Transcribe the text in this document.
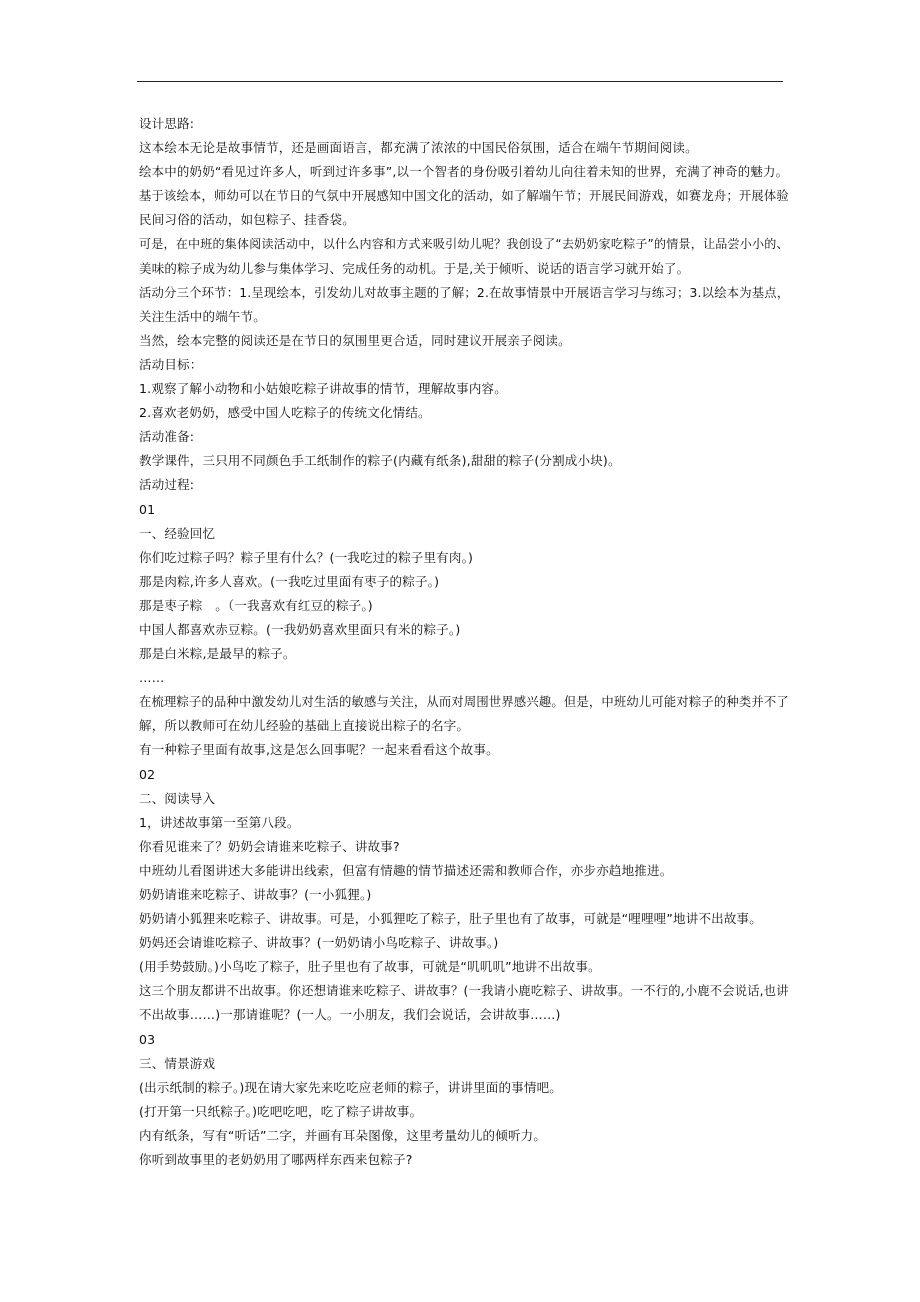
设计思路:
这本绘本无论是故事情节，还是画面语言，都充满了浓浓的中国民俗氛围，适合在端午节期间阅读。
绘本中的奶奶“看见过许多人，听到过许多事”,以一个智者的身份吸引着幼儿向往着未知的世界，充满了神奇的魅力。
基于该绘本，师幼可以在节日的气氛中开展感知中国文化的活动，如了解端午节；开展民间游戏，如赛龙舟；开展体验
民间习俗的活动，如包粽子、挂香袋。
可是，在中班的集体阅读活动中，以什么内容和方式来吸引幼儿呢？我创设了“去奶奶家吃粽子”的情景，让品尝小小的、
美味的粽子成为幼儿参与集体学习、完成任务的动机。于是,关于倾听、说话的语言学习就开始了。
活动分三个环节：1.呈现绘本，引发幼儿对故事主题的了解；2.在故事情景中开展语言学习与练习；3.以绘本为基点，
关注生活中的端午节。
当然，绘本完整的阅读还是在节日的氛围里更合适，同时建议开展亲子阅读。
活动目标：
1.观察了解小动物和小姑娘吃粽子讲故事的情节，理解故事内容。
2.喜欢老奶奶，感受中国人吃粽子的传统文化情结。
活动准备:
教学课件，三只用不同颜色手工纸制作的粽子(内藏有纸条),甜甜的粽子(分割成小块)。
活动过程:
01
一、经验回忆
你们吃过粽子吗？粽子里有什么？(一我吃过的粽子里有肉。)
那是肉粽,许多人喜欢。(一我吃过里面有枣子的粽子。)
那是枣子粽　。（一我喜欢有红豆的粽子。)
中国人都喜欢赤豆粽。(一我奶奶喜欢里面只有米的粽子。)
那是白米粽,是最早的粽子。
……
在梳理粽子的品种中激发幼儿对生活的敏感与关注，从而对周围世界感兴趣。但是，中班幼儿可能对粽子的种类并不了
解，所以教师可在幼儿经验的基础上直接说出粽子的名字。
有一种粽子里面有故事,这是怎么回事呢？一起来看看这个故事。
02
二、阅读导入
1，讲述故事第一至第八段。
你看见谁来了？奶奶会请谁来吃粽子、讲故事?
中班幼儿看图讲述大多能讲出线索，但富有情趣的情节描述还需和教师合作，亦步亦趋地推进。
奶奶请谁来吃粽子、讲故事？(一小狐狸。)
奶奶请小狐狸来吃粽子、讲故事。可是，小狐狸吃了粽子，肚子里也有了故事，可就是“哩哩哩”地讲不出故事。
奶妈还会请谁吃粽子、讲故事？(一奶奶请小鸟吃粽子、讲故事。)
(用手势鼓励。)小鸟吃了粽子，肚子里也有了故事，可就是“叽叽叽”地讲不出故事。
这三个朋友都讲不出故事。你还想请谁来吃粽子、讲故事？(一我请小鹿吃粽子、讲故事。一不行的,小鹿不会说话,也讲
不出故事……)一那请谁呢？(一人。一小朋友，我们会说话，会讲故事……)
03
三、情景游戏
(出示纸制的粽子。)现在请大家先来吃吃应老师的粽子，讲讲里面的事情吧。
(打开第一只纸粽子。)吃吧吃吧，吃了粽子讲故事。
内有纸条，写有“听话”二字，并画有耳朵图像，这里考量幼儿的倾听力。
你听到故事里的老奶奶用了哪两样东西来包粽子?
